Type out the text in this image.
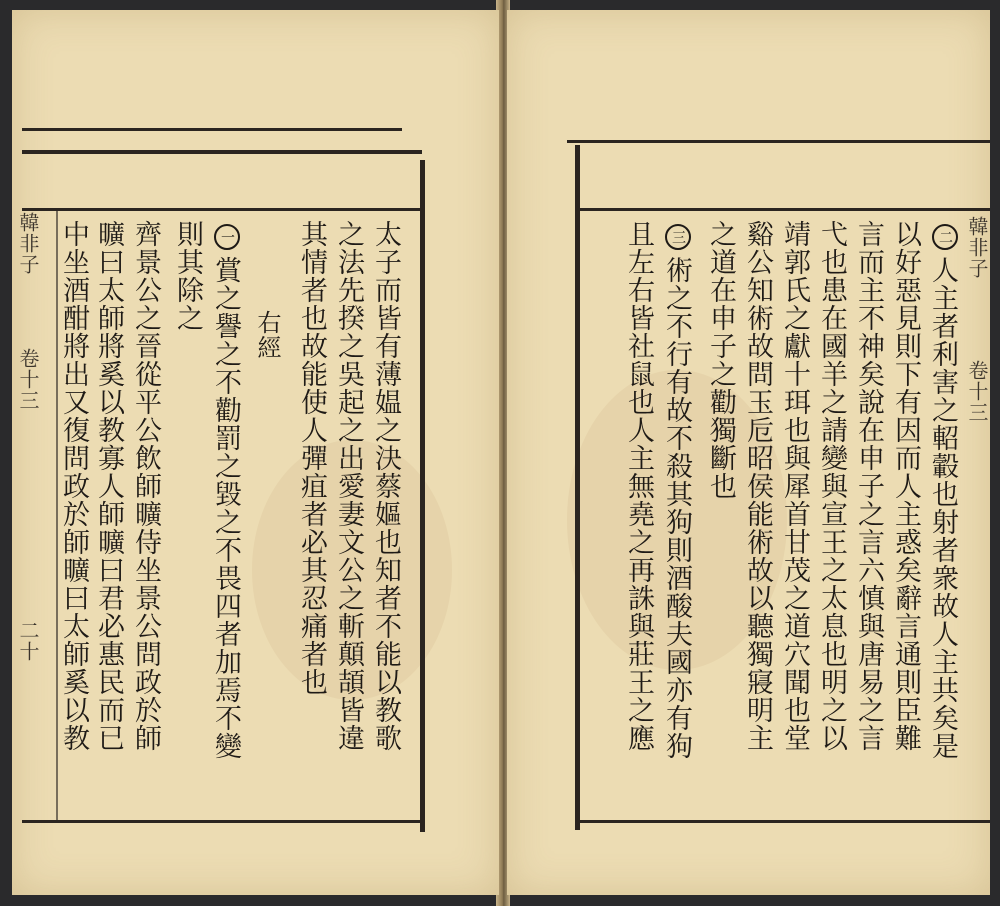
韓非子
卷十三
二十	太子而皆有薄媪之決蔡嫗也知者不能以教歌
之法先揆之吳起之出愛妻文公之斬顛頡皆違
其情者也故能使人彈疽者必其忍痛者也
右經
一
賞之譽之不勸罰之毀之不畏四者加焉不變
則其除之
齊景公之晉從平公飲師曠侍坐景公問政於師
曠曰太師將奚以教寡人師曠曰君必惠民而已
中坐酒酣將出又復問政於師曠曰太師奚以教	韓非子
卷十三
二
人主者利害之軺轂也射者衆故人主共矣是
以好惡見則下有因而人主惑矣辭言通則臣難
言而主不神矣說在申子之言六慎與唐易之言
弋也患在國羊之請變與宣王之太息也明之以
靖郭氏之獻十珥也與犀首甘茂之道穴聞也堂
谿公知術故問玉卮昭侯能術故以聽獨寢明主
之道在申子之勸獨斷也
三
術之不行有故不殺其狗則酒酸夫國亦有狗
且左右皆社鼠也人主無堯之再誅與莊王之應
